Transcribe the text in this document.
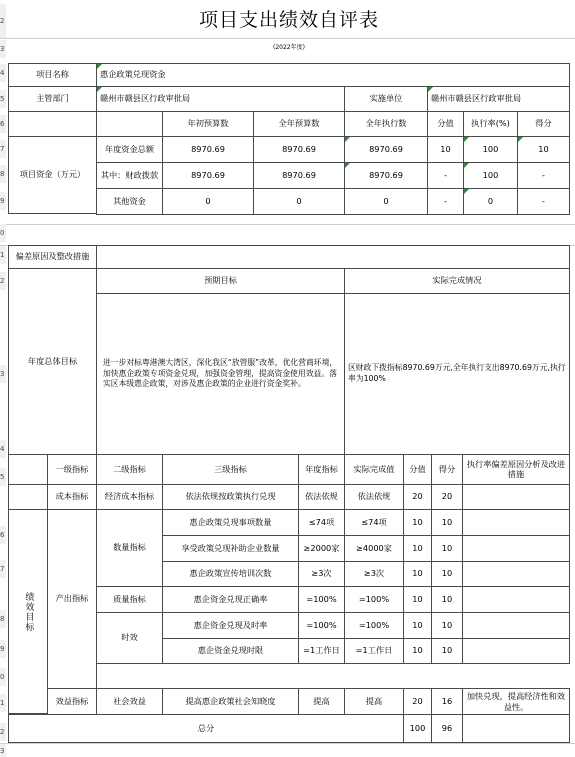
2
3
4
5
6
7
8
9
0
1
2
3
4
5
6
7
8
9
0
1
2
3
项目支出绩效自评表
(2022年度)
项目名称	惠企政策兑现资金
主管部门	赣州市赣县区行政审批局	实施单位	赣州市赣县区行政审批局
年初预算数	全年预算数	全年执行数	分值	执行率(%)	得分
项目资金（万元）
年度资金总额	8970.69	8970.69	8970.69	10	100	10
其中：财政拨款	8970.69	8970.69	8970.69	-	100	-
其他资金	0	0	0	-	0	-
偏差原因及整改措施
年度总体目标
预期目标	实际完成情况
进一步对标粤港澳大湾区，深化我区“放管服”改革，优化营商环境，加快惠企政策专项资金兑现，加强资金管理，提高资金使用效益。落实区本级惠企政策，对涉及惠企政策的企业进行资金奖补。
区财政下拨指标8970.69万元,全年执行支出8970.69万元,执行率为100%
一级指标	二级指标	三级指标	年度指标	实际完成值	分值	得分	执行率偏差原因分析及改进措施
成本指标	经济成本指标	依法依规按政策执行兑现	依法依规	依法依规	20	20
绩效目标	产出指标
数量指标
惠企政策兑现事项数量	≤74项	≤74项	10	10
享受政策兑现补助企业数量	≥2000家	≥4000家	10	10
惠企政策宣传培训次数	≥3次	≥3次	10	10
质量指标	惠企资金兑现正确率	=100%	=100%	10	10
时效
惠企资金兑现及时率	=100%	=100%	10	10
惠企资金兑现时限	=1工作日	=1工作日	10	10
效益指标	社会效益	提高惠企政策社会知晓度	提高	提高	20	16	加快兑现，提高经济性和效益性。
总分	100	96
